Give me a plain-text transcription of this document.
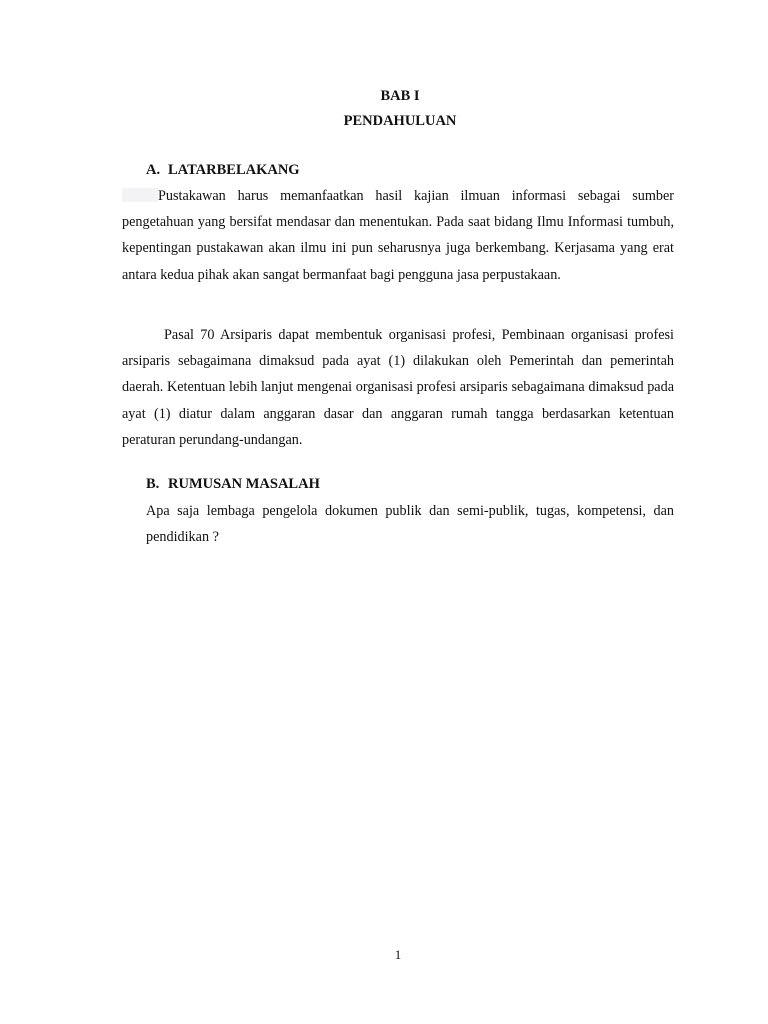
BAB I
PENDAHULUAN
A. LATARBELAKANG

Pustakawan harus memanfaatkan hasil kajian ilmuan informasi sebagai sumber pengetahuan yang bersifat mendasar dan menentukan. Pada saat bidang Ilmu Informasi tumbuh, kepentingan pustakawan akan ilmu ini pun seharusnya juga berkembang. Kerjasama yang erat antara kedua pihak akan sangat bermanfaat bagi pengguna jasa perpustakaan.

Pasal 70 Arsiparis dapat membentuk organisasi profesi, Pembinaan organisasi profesi arsiparis sebagaimana dimaksud pada ayat (1) dilakukan oleh Pemerintah dan pemerintah daerah. Ketentuan lebih lanjut mengenai organisasi profesi arsiparis sebagaimana dimaksud pada ayat (1) diatur dalam anggaran dasar dan anggaran rumah tangga berdasarkan ketentuan peraturan perundang-undangan.

B. RUMUSAN MASALAH

Apa saja lembaga pengelola dokumen publik dan semi-publik, tugas, kompetensi, dan pendidikan ?

1
